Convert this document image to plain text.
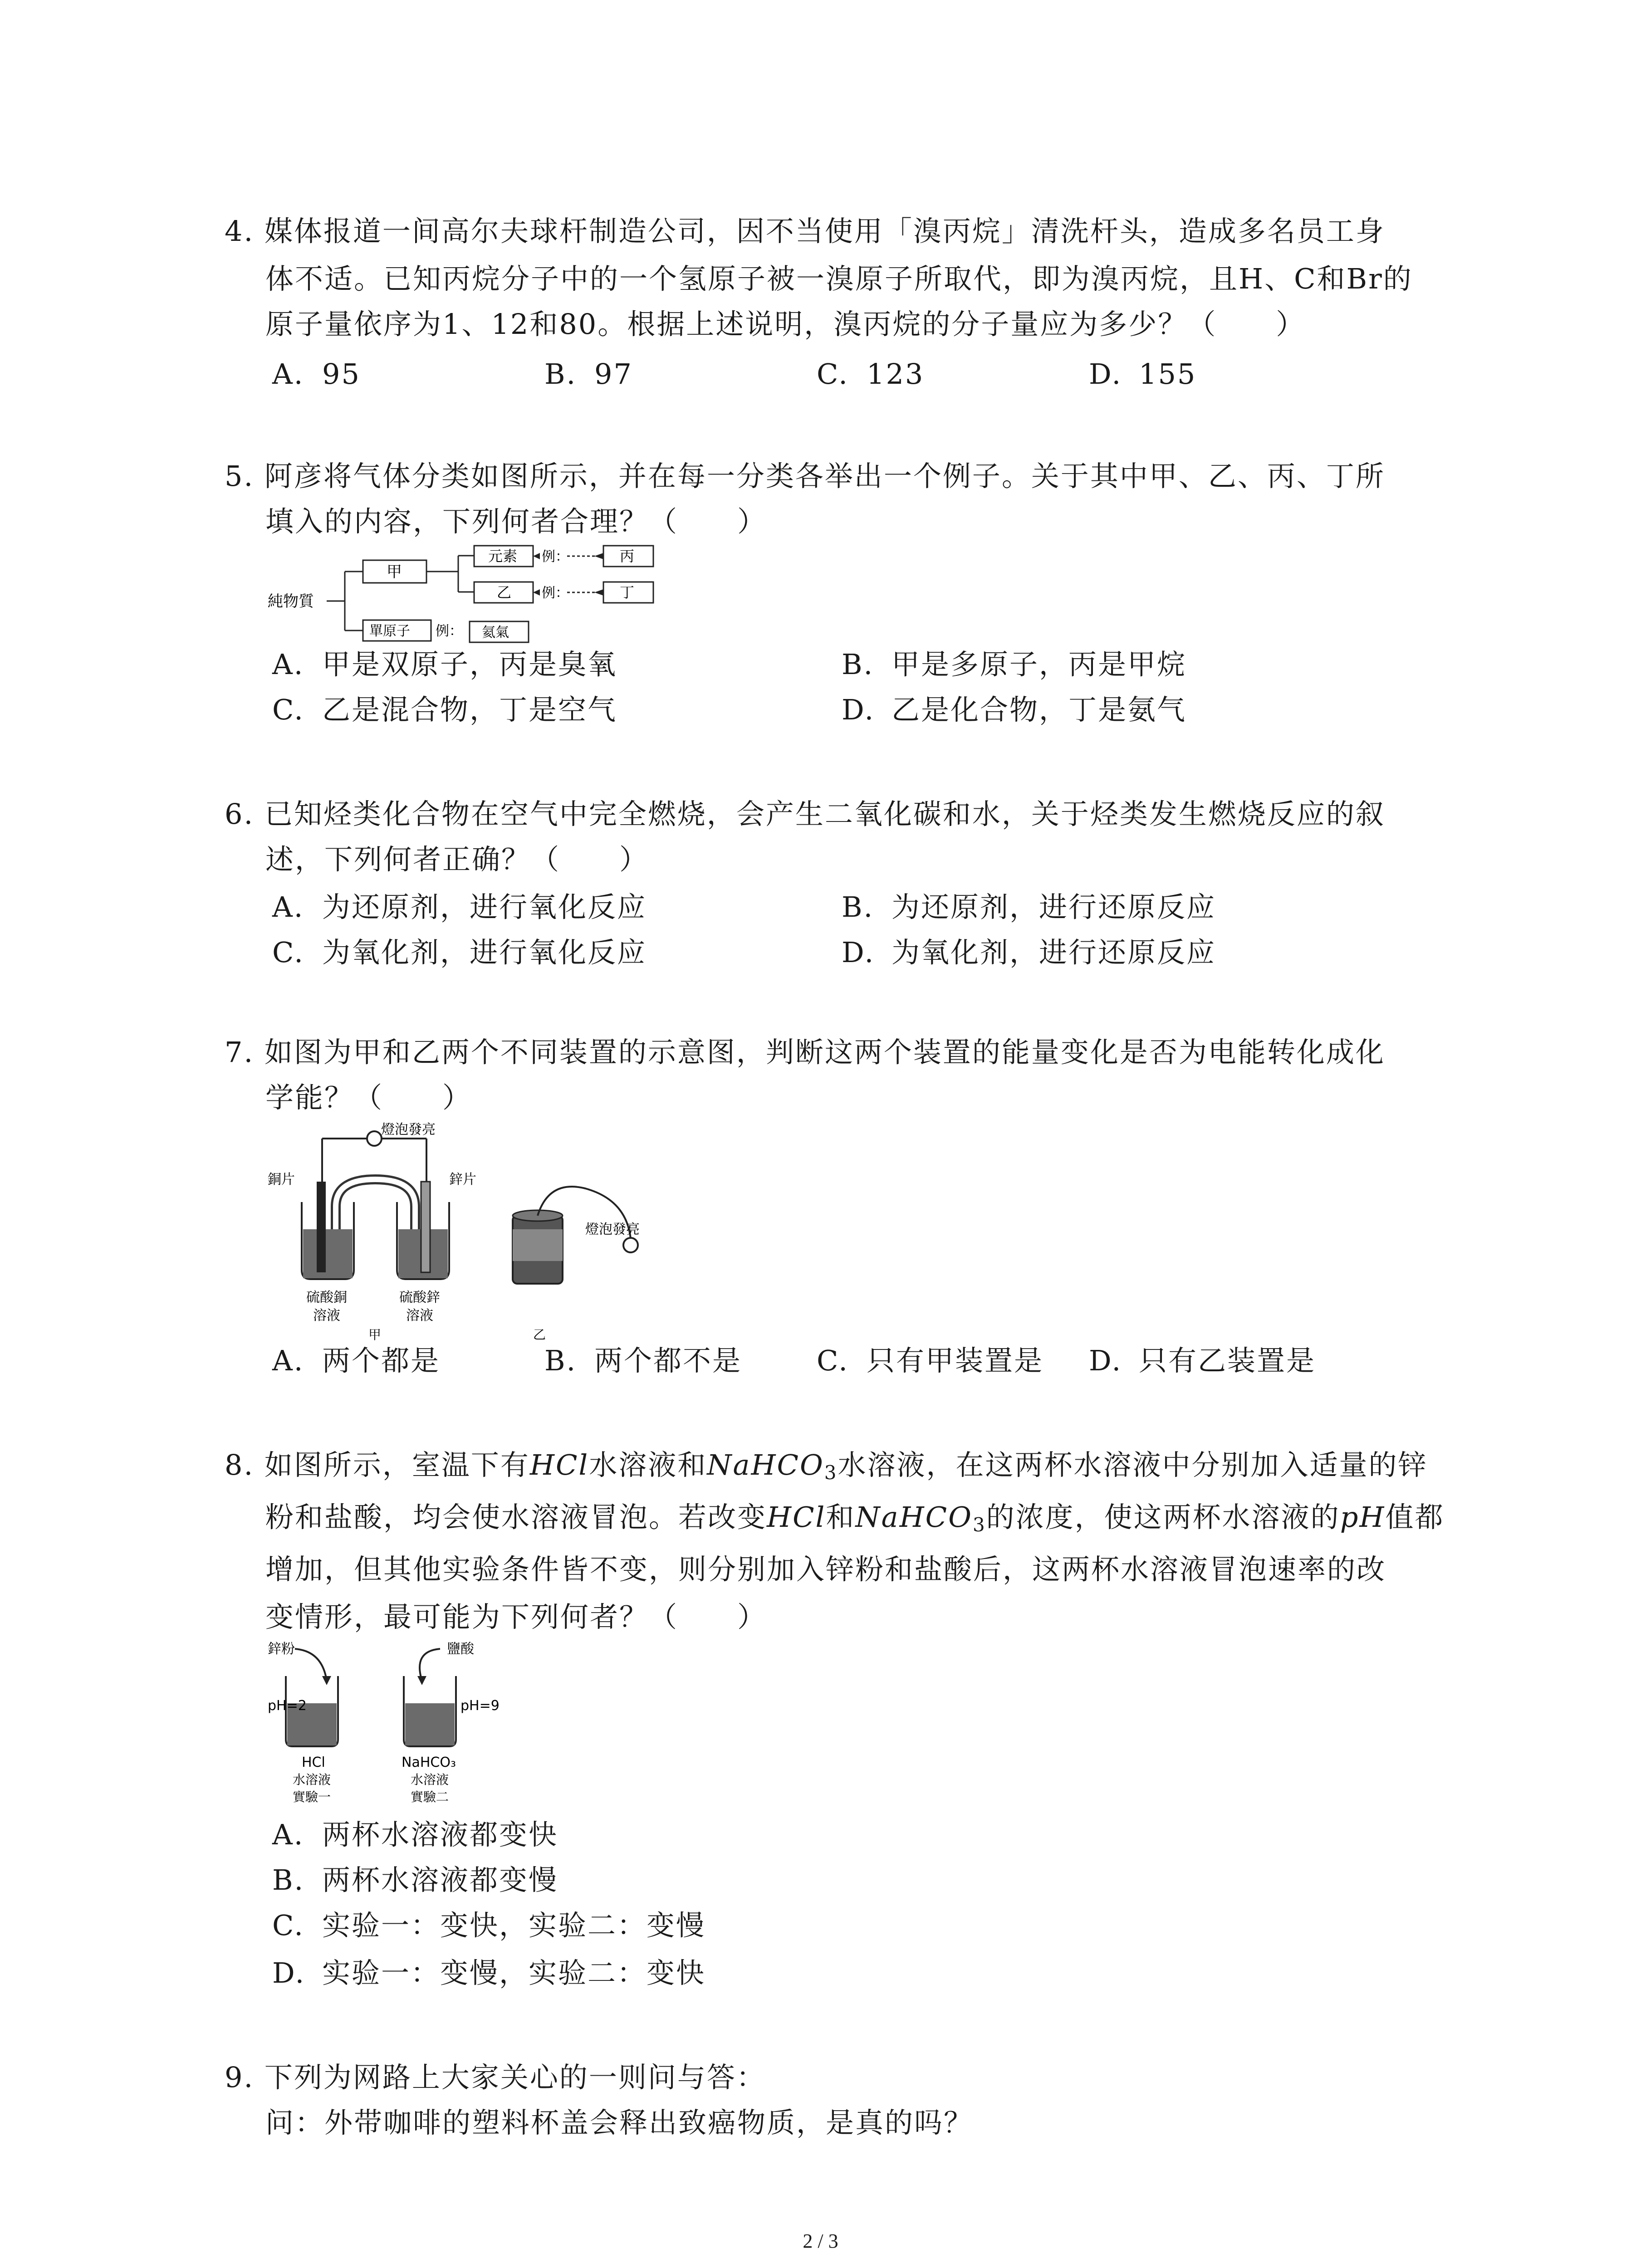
4. 媒体报道一间高尔夫球杆制造公司，因不当使用「溴丙烷」清洗杆头，造成多名员工身
体不适。已知丙烷分子中的一个氢原子被一溴原子所取代，即为溴丙烷，且H、C和Br的
原子量依序为1、12和80。根据上述说明，溴丙烷的分子量应为多少？（　　）
A. 95	B. 97	C. 123	D. 155
5. 阿彦将气体分类如图所示，并在每一分类各举出一个例子。关于其中甲、乙、丙、丁所
填入的内容，下列何者合理？（　　）
純物質
甲
元素
乙
例：
例：
丙
丁
單原子 例： 氦氣
A. 甲是双原子，丙是臭氧	B. 甲是多原子，丙是甲烷
C. 乙是混合物，丁是空气	D. 乙是化合物，丁是氨气
6. 已知烃类化合物在空气中完全燃烧，会产生二氧化碳和水，关于烃类发生燃烧反应的叙
述，下列何者正确？（　　）
A. 为还原剂，进行氧化反应	B. 为还原剂，进行还原反应
C. 为氧化剂，进行氧化反应	D. 为氧化剂，进行还原反应
7. 如图为甲和乙两个不同装置的示意图，判断这两个装置的能量变化是否为电能转化成化
学能？（　　）
燈泡發亮
銅片	鋅片
硫酸銅
溶液
硫酸鋅
溶液
甲
燈泡發亮
乙
A. 两个都是	B. 两个都不是	C. 只有甲装置是 D. 只有乙装置是
8. 如图所示，室温下有HCl水溶液和NaHCO$_3$水溶液，在这两杯水溶液中分别加入适量的锌
粉和盐酸，均会使水溶液冒泡。若改变HCl和NaHCO$_3$的浓度，使这两杯水溶液的pH值都
增加，但其他实验条件皆不变，则分别加入锌粉和盐酸后，这两杯水溶液冒泡速率的改
变情形，最可能为下列何者？（　　）
鋅粉	鹽酸
pH=2	pH=9
HCl
水溶液
實驗一
NaHCO₃
水溶液
實驗二
A. 两杯水溶液都变快
B. 两杯水溶液都变慢
C. 实验一：变快，实验二：变慢
D. 实验一：变慢，实验二：变快
9. 下列为网路上大家关心的一则问与答：
问：外带咖啡的塑料杯盖会释出致癌物质，是真的吗？
2 / 3
